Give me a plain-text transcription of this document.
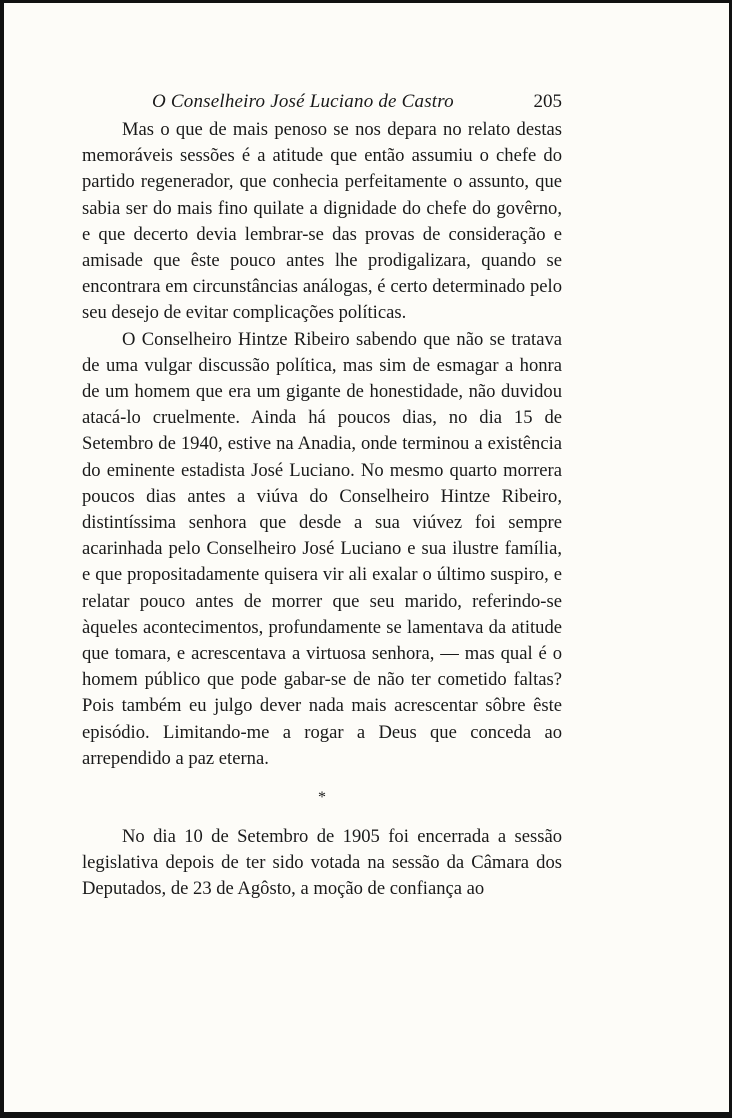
O Conselheiro José Luciano de Castro	205

Mas o que de mais penoso se nos depara no relato destas memoráveis sessões é a atitude que então assumiu o chefe do partido regenerador, que conhecia perfeitamente o assunto, que sabia ser do mais fino quilate a dignidade do chefe do govêrno, e que decerto devia lembrar-se das provas de consideração e amisade que êste pouco antes lhe prodigalizara, quando se encontrara em circunstâncias análogas, é certo determinado pelo seu desejo de evitar complicações políticas.

O Conselheiro Hintze Ribeiro sabendo que não se tratava de uma vulgar discussão política, mas sim de esmagar a honra de um homem que era um gigante de honestidade, não duvidou atacá-lo cruelmente. Ainda há poucos dias, no dia 15 de Setembro de 1940, estive na Anadia, onde terminou a existência do eminente estadista José Luciano. No mesmo quarto morrera poucos dias antes a viúva do Conselheiro Hintze Ribeiro, distintíssima senhora que desde a sua viúvez foi sempre acarinhada pelo Conselheiro José Luciano e sua ilustre família, e que propositadamente quisera vir ali exalar o último suspiro, e relatar pouco antes de morrer que seu marido, referindo-se àqueles acontecimentos, profundamente se lamentava da atitude que tomara, e acrescentava a virtuosa senhora, — mas qual é o homem público que pode gabar-se de não ter cometido faltas? Pois também eu julgo dever nada mais acrescentar sôbre êste episódio. Limitando-me a rogar a Deus que conceda ao arrependido a paz eterna.

*

No dia 10 de Setembro de 1905 foi encerrada a sessão legislativa depois de ter sido votada na sessão da Câmara dos Deputados, de 23 de Agôsto, a moção de confiança ao
